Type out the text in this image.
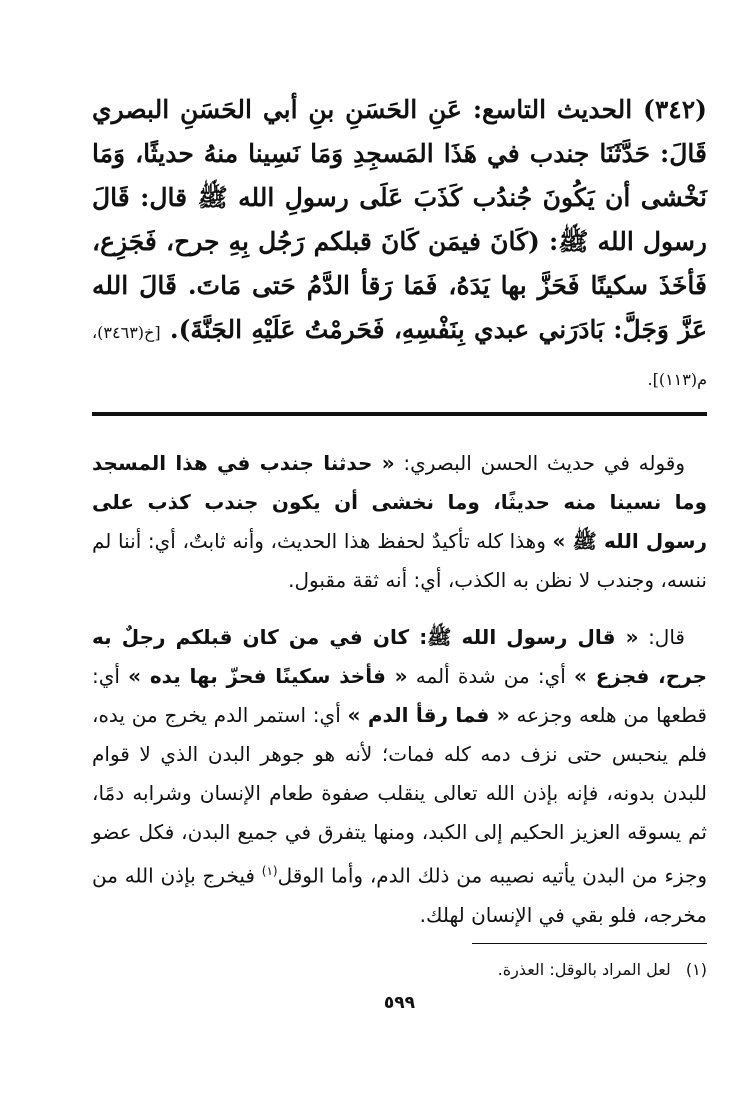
(٣٤٢) الحديث التاسع: عَنِ الحَسَنِ بنِ أبي الحَسَنِ البصري قَالَ: حَدَّثَنَا جندب في هَذَا المَسجِدِ وَمَا نَسِينا منهُ حديثًا، وَمَا نَخْشى أن يَكُونَ جُندُب كَذَبَ عَلَى رسولِ الله ﷺ قال: قَالَ رسول الله ﷺ: (كَانَ فيمَن كَانَ قبلكم رَجُل بِهِ جرح، فَجَزِع، فَأخَذَ سكينًا فَحَزَّ بها يَدَهُ، فَمَا رَقأ الدَّمُ حَتى مَاتَ. قَالَ الله عَزَّ وَجَلَّ: بَادَرَني عبدي بِنَفْسِهِ، فَحَرمْتُ عَلَيْهِ الجَنَّةَ). [خ(٣٤٦٣)، م(١١٣)].

وقوله في حديث الحسن البصري: « حدثنا جندب في هذا المسجد وما نسينا منه حديثًا، وما نخشى أن يكون جندب كذب على رسول الله ﷺ » وهذا كله تأكيدٌ لحفظ هذا الحديث، وأنه ثابتٌ، أي: أننا لم ننسه، وجندب لا نظن به الكذب، أي: أنه ثقة مقبول.

قال: « قال رسول الله ﷺ: كان في من كان قبلكم رجلٌ به جرح، فجزع » أي: من شدة ألمه « فأخذ سكينًا فحزّ بها يده » أي: قطعها من هلعه وجزعه « فما رقأ الدم » أي: استمر الدم يخرج من يده، فلم ينحبس حتى نزف دمه كله فمات؛ لأنه هو جوهر البدن الذي لا قوام للبدن بدونه، فإنه بإذن الله تعالى ينقلب صفوة طعام الإنسان وشرابه دمًا، ثم يسوقه العزيز الحكيم إلى الكبد، ومنها يتفرق في جميع البدن، فكل عضو وجزء من البدن يأتيه نصيبه من ذلك الدم، وأما الوقل$^{(١)}$ فيخرج بإذن الله من مخرجه، فلو بقي في الإنسان لهلك.

(١) لعل المراد بالوقل: العذرة.
٥٩٩
